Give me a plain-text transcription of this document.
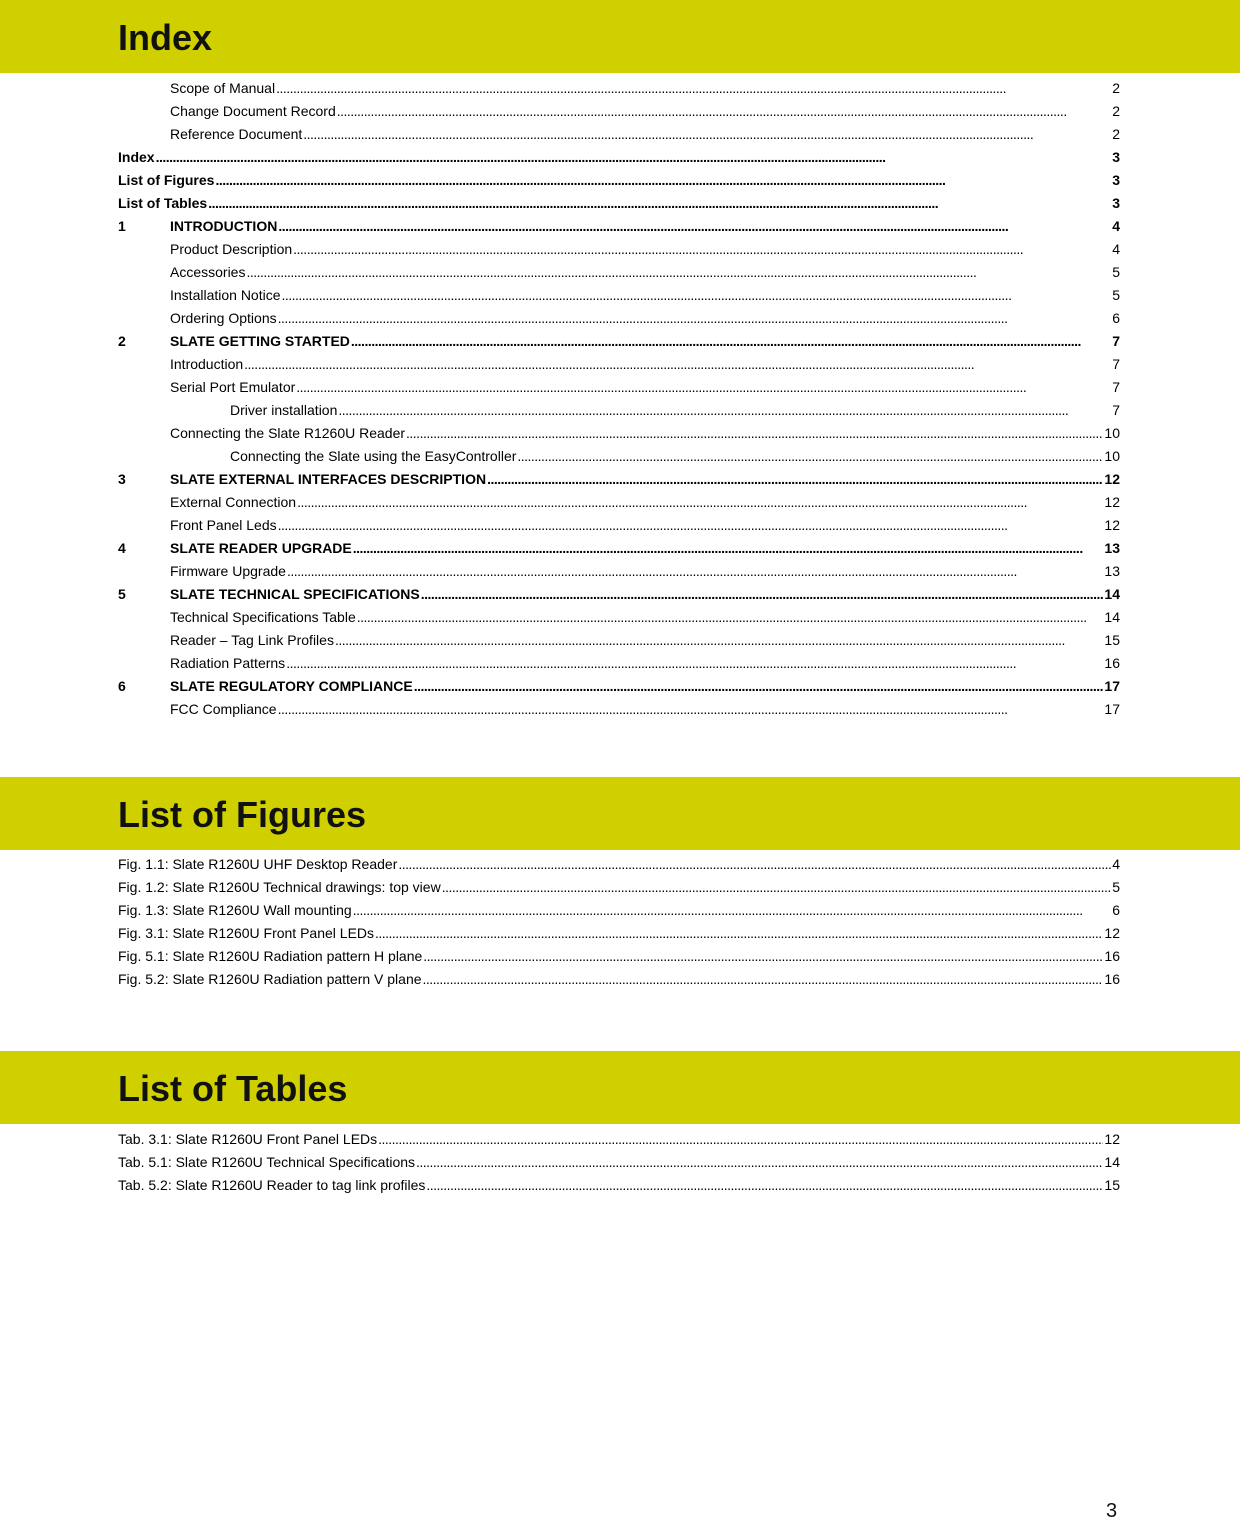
Index
Scope of Manual . . .	2
Change Document Record . . .	2
Reference Document . . .	2
Index . . .	3
List of Figures . . .	3
List of Tables . . .	3
1	INTRODUCTION . . .	4
Product Description . . .	4
Accessories . . .	5
Installation Notice . . .	5
Ordering Options . . .	6
2	SLATE GETTING STARTED . . .	7
Introduction . . .	7
Serial Port Emulator . . .	7
Driver installation . . .	7
Connecting the Slate R1260U Reader . . .	10
Connecting the Slate using the EasyController . . .	10
3	SLATE EXTERNAL INTERFACES DESCRIPTION . . .	12
External Connection . . .	12
Front Panel Leds . . .	12
4	SLATE READER UPGRADE . . .	13
Firmware Upgrade . . .	13
5	SLATE TECHNICAL SPECIFICATIONS . . .	14
Technical Specifications Table . . .	14
Reader – Tag Link Profiles . . .	15
Radiation Patterns . . .	16
6	SLATE REGULATORY COMPLIANCE . . .	17
FCC Compliance . . .	17
List of Figures
Fig. 1.1: Slate R1260U UHF Desktop Reader . . .	4
Fig. 1.2: Slate R1260U Technical drawings: top view . . .	5
Fig. 1.3: Slate R1260U Wall mounting . . .	6
Fig. 3.1: Slate R1260U Front Panel LEDs . . .	12
Fig. 5.1: Slate R1260U Radiation pattern H plane . . .	16
Fig. 5.2: Slate R1260U Radiation pattern V plane . . .	16
List of Tables
Tab. 3.1: Slate R1260U Front Panel LEDs . . .	12
Tab. 5.1: Slate R1260U Technical Specifications . . .	14
Tab. 5.2: Slate R1260U Reader to tag link profiles . . .	15
3
